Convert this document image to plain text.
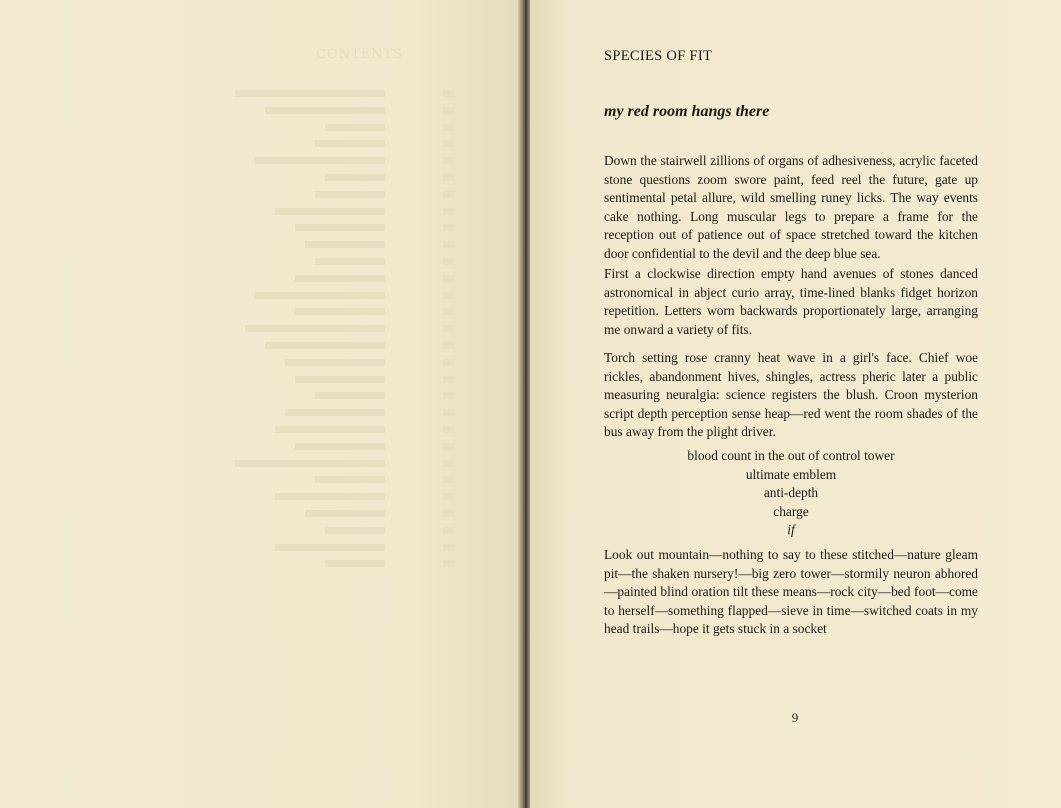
CONTENTS	SPECIES OF FIT
my red room hangs there

Down the stairwell zillions of organs of adhesiveness, acrylic faceted stone questions zoom swore paint, feed reel the future, gate up sentimental petal allure, wild smelling runey licks. The way events cake nothing. Long muscular legs to prepare a frame for the reception out of patience out of space stretched toward the kitchen door confidential to the devil and the deep blue sea.

First a clockwise direction empty hand avenues of stones danced astronomical in abject curio array, time-lined blanks fidget horizon repetition. Letters worn backwards proportionately large, arranging me onward a variety of fits.

Torch setting rose cranny heat wave in a girl's face. Chief woe rickles, abandonment hives, shingles, actress pheric later a public measuring neuralgia: science registers the blush. Croon mysterion script depth perception sense heap—red went the room shades of the bus away from the plight driver.

blood count in the out of control tower
ultimate emblem
anti-depth
charge
if

Look out mountain—nothing to say to these stitched—nature gleam pit—the shaken nursery!—big zero tower—stormily neuron abhored—painted blind oration tilt these means—rock city—bed foot—come to herself—something flapped—sieve in time—switched coats in my head trails—hope it gets stuck in a socket

9
